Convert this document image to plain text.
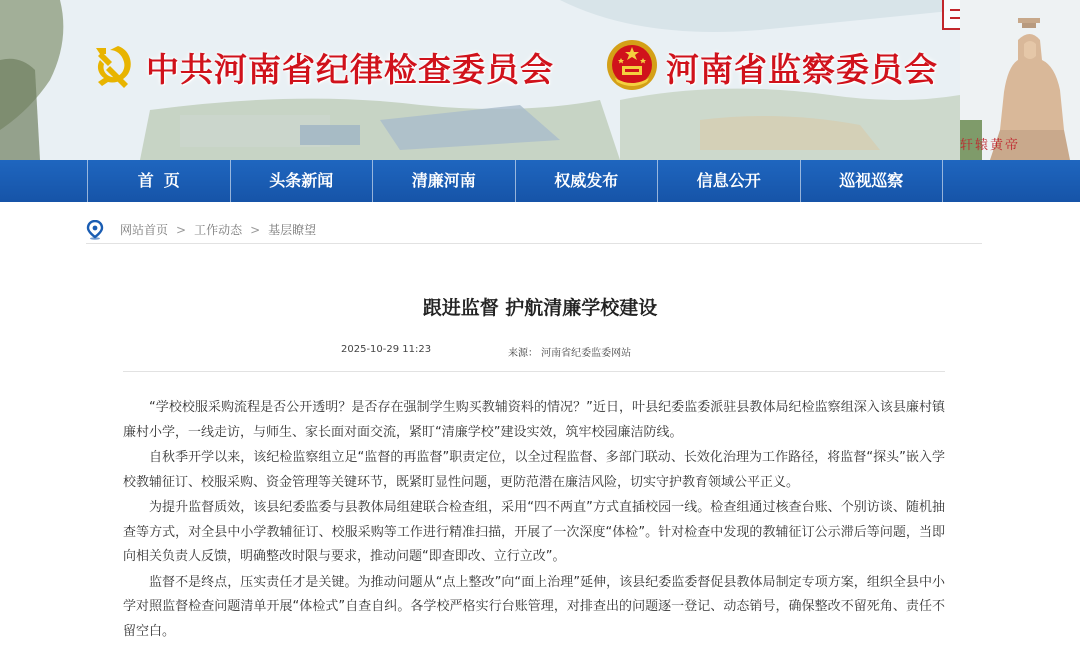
中共河南省纪律检查委员会	河南省监察委员会
轩辕黄帝
首页	头条新闻	清廉河南	权威发布	信息公开	巡视巡察
网站首页 > 工作动态 > 基层瞭望
跟进监督 护航清廉学校建设
2025-10-29 11:23	来源： 河南省纪委监委网站

“学校校服采购流程是否公开透明？是否存在强制学生购买教辅资料的情况？”近日，叶县纪委监委派驻县教体局纪检监察组深入该县廉村镇廉村小学，一线走访，与师生、家长面对面交流，紧盯“清廉学校”建设实效，筑牢校园廉洁防线。

自秋季开学以来，该纪检监察组立足“监督的再监督”职责定位，以全过程监督、多部门联动、长效化治理为工作路径，将监督“探头”嵌入学校教辅征订、校服采购、资金管理等关键环节，既紧盯显性问题，更防范潜在廉洁风险，切实守护教育领域公平正义。

为提升监督质效，该县纪委监委与县教体局组建联合检查组，采用“四不两直”方式直插校园一线。检查组通过核查台账、个别访谈、随机抽查等方式，对全县中小学教辅征订、校服采购等工作进行精准扫描，开展了一次深度“体检”。针对检查中发现的教辅征订公示滞后等问题，当即向相关负责人反馈，明确整改时限与要求，推动问题“即查即改、立行立改”。

监督不是终点，压实责任才是关键。为推动问题从“点上整改”向“面上治理”延伸，该县纪委监委督促县教体局制定专项方案，组织全县中小学对照监督检查问题清单开展“体检式”自查自纠。各学校严格实行台账管理，对排查出的问题逐一登记、动态销号，确保整改不留死角、责任不留空白。
